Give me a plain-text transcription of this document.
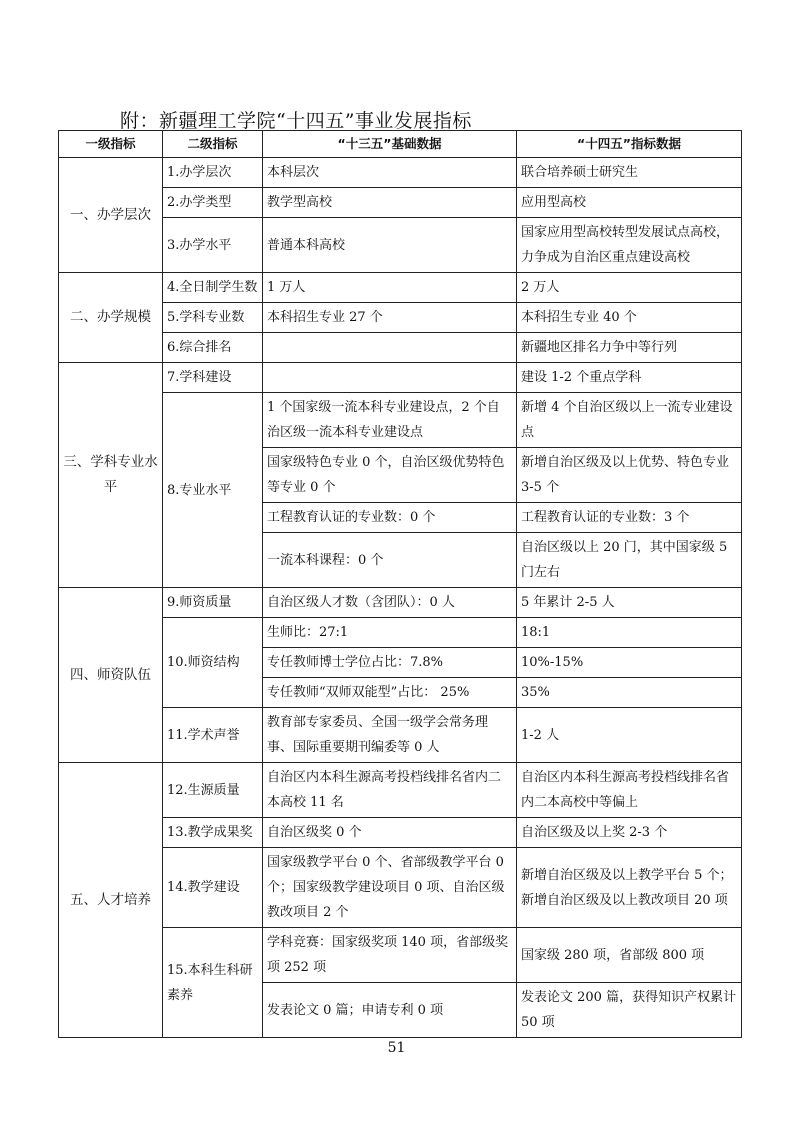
附：新疆理工学院“十四五”事业发展指标
一级指标	二级指标	“十三五”基础数据	“十四五”指标数据
一、办学层次	1.办学层次	本科层次	联合培养硕士研究生
	2.办学类型	教学型高校	应用型高校
	3.办学水平	普通本科高校	国家应用型高校转型发展试点高校，力争成为自治区重点建设高校
二、办学规模	4.全日制学生数	1 万人	2 万人
	5.学科专业数	本科招生专业 27 个	本科招生专业 40 个
	6.综合排名		新疆地区排名力争中等行列
三、学科专业水平	7.学科建设		建设 1-2 个重点学科
	8.专业水平	1 个国家级一流本科专业建设点，2 个自治区级一流本科专业建设点	新增 4 个自治区级以上一流专业建设点
		国家级特色专业 0 个，自治区级优势特色等专业 0 个	新增自治区级及以上优势、特色专业 3-5 个
		工程教育认证的专业数：0 个	工程教育认证的专业数：3 个
		一流本科课程：0 个	自治区级以上 20 门，其中国家级 5 门左右
四、师资队伍	9.师资质量	自治区级人才数（含团队）：0 人	5 年累计 2-5 人
	10.师资结构	生师比：27:1	18:1
		专任教师博士学位占比：7.8%	10%-15%
		专任教师“双师双能型”占比： 25%	35%
	11.学术声誉	教育部专家委员、全国一级学会常务理事、国际重要期刊编委等 0 人	1-2 人
五、人才培养	12.生源质量	自治区内本科生源高考投档线排名省内二本高校 11 名	自治区内本科生源高考投档线排名省内二本高校中等偏上
	13.教学成果奖	自治区级奖 0 个	自治区级及以上奖 2-3 个
	14.教学建设	国家级教学平台 0 个、省部级教学平台 0 个；国家级教学建设项目 0 项、自治区级教改项目 2 个	新增自治区级及以上教学平台 5 个；新增自治区级及以上教改项目 20 项
	15.本科生科研素养	学科竞赛：国家级奖项 140 项，省部级奖项 252 项	国家级 280 项，省部级 800 项
		发表论文 0 篇；申请专利 0 项	发表论文 200 篇，获得知识产权累计 50 项
51
